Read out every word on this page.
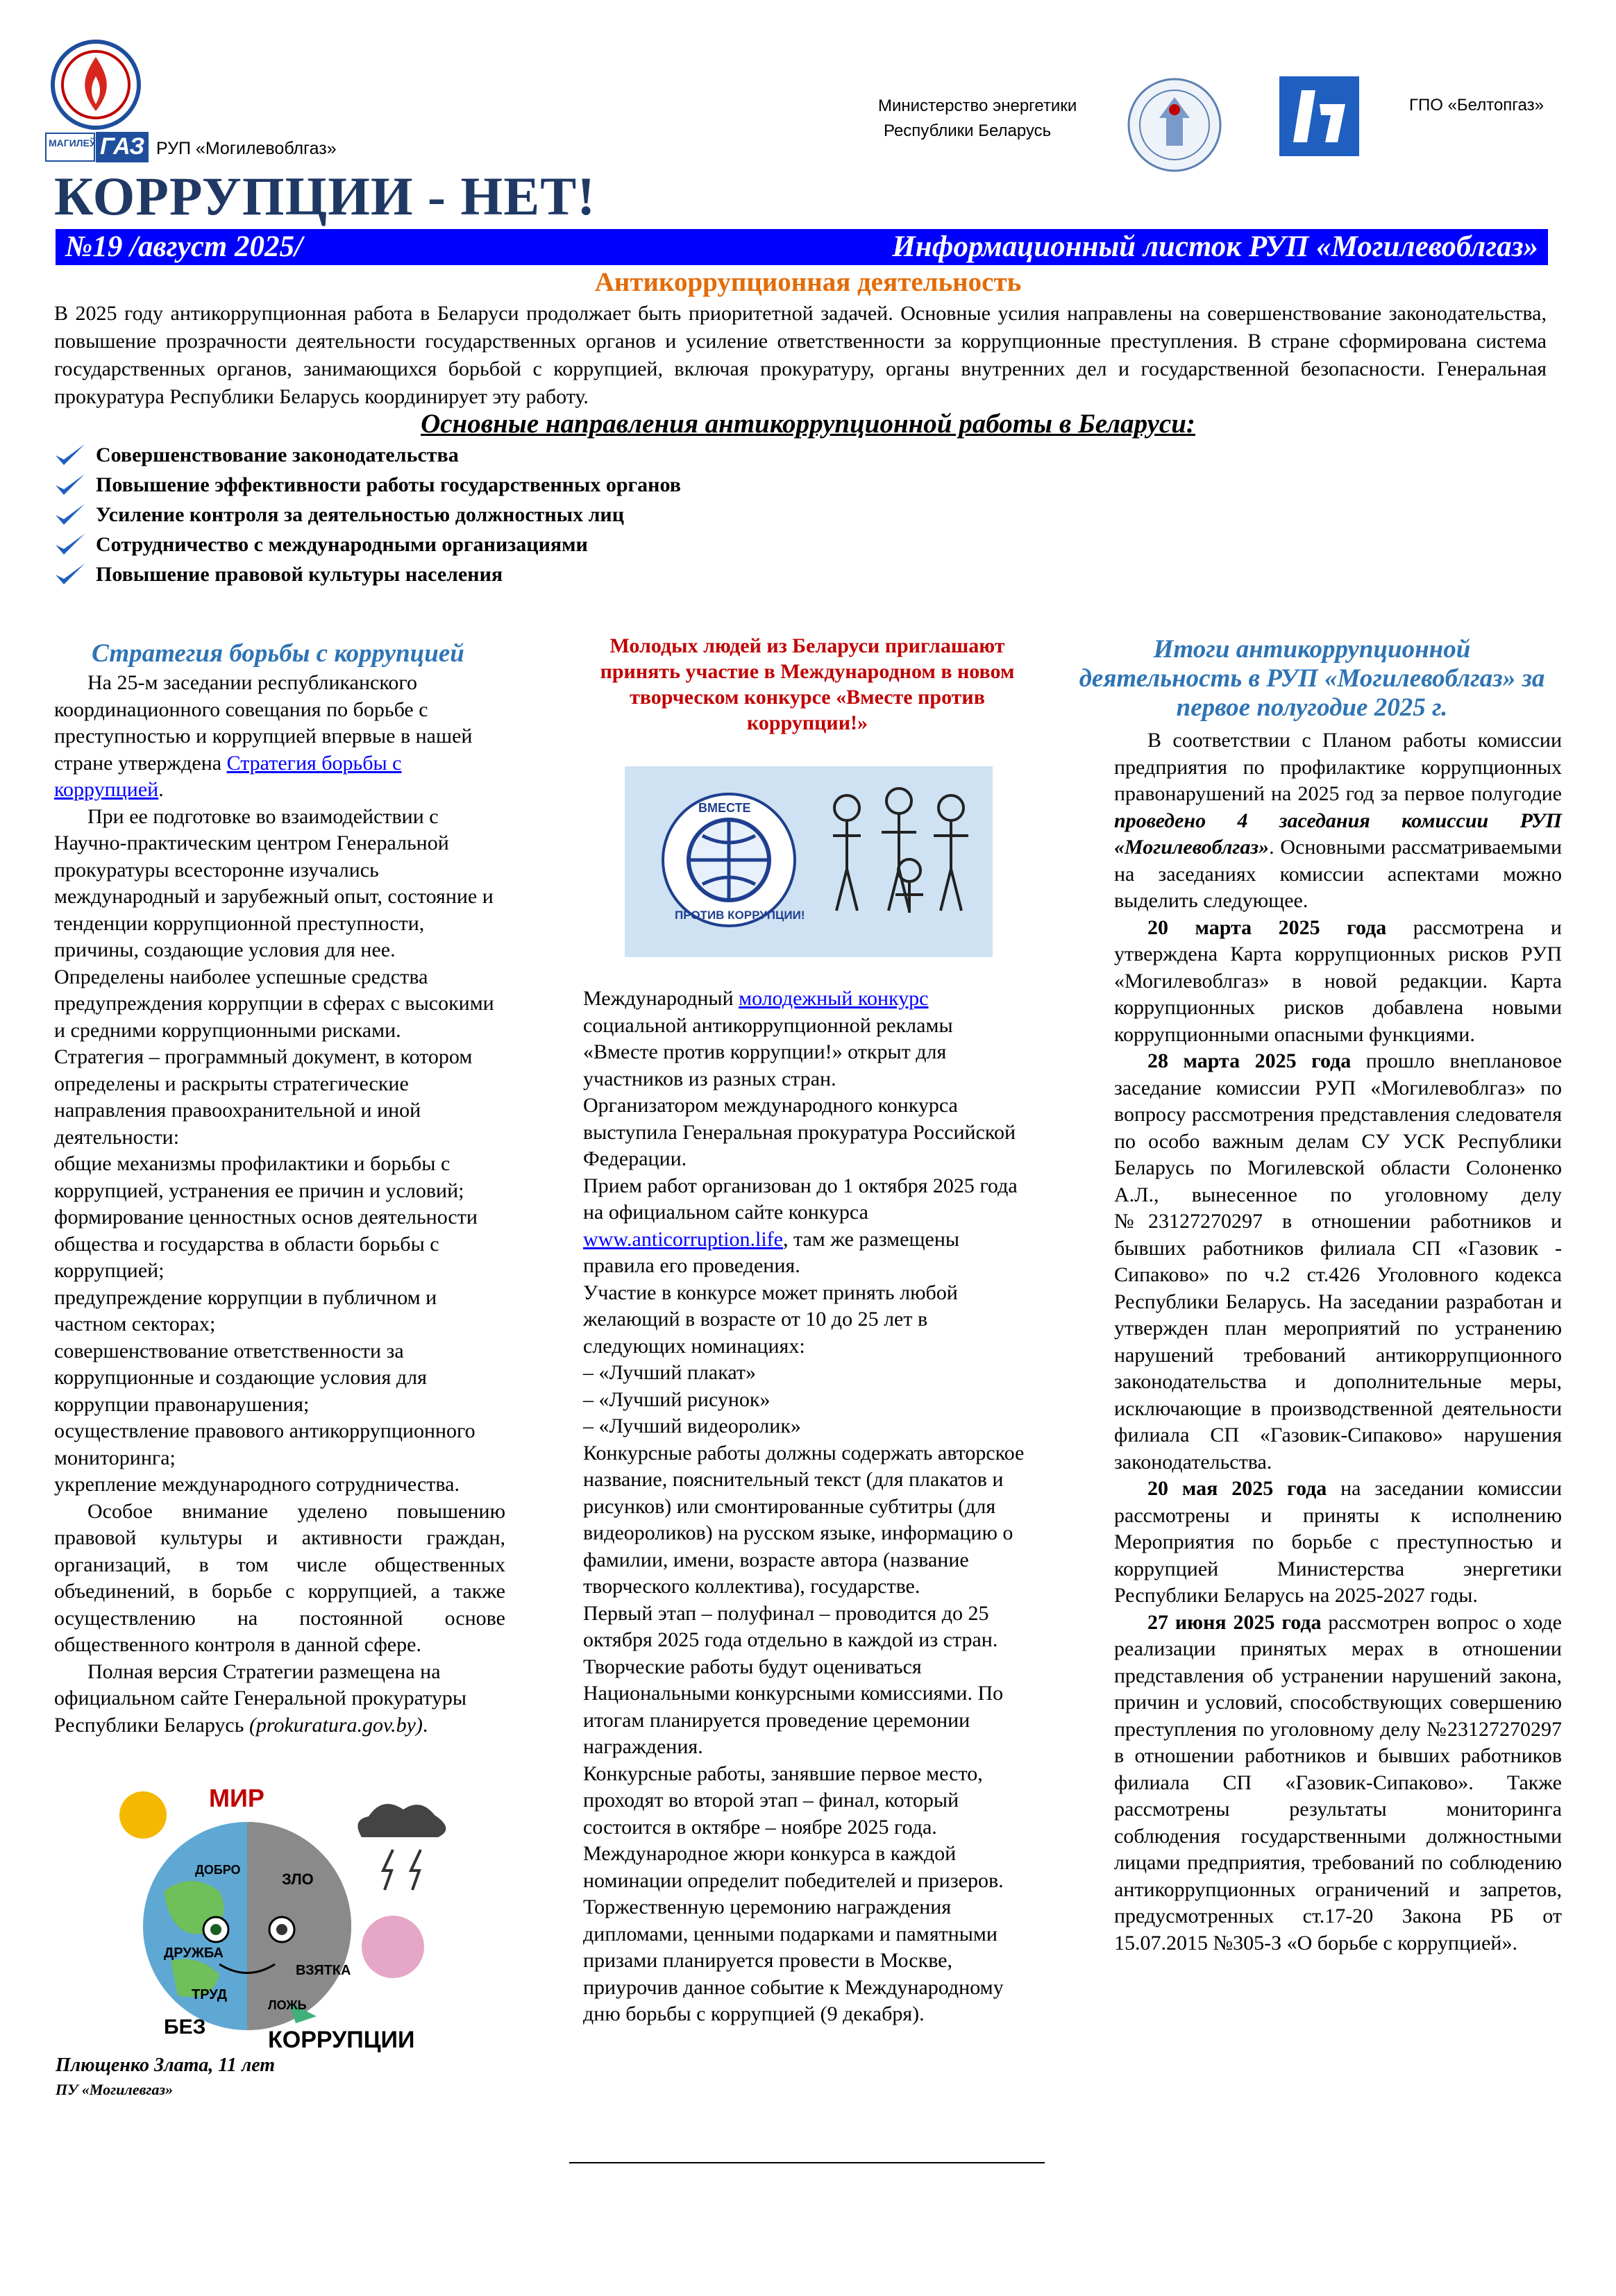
МАГИЛЕЎ АБЛ
ГАЗ РУП «Могилевоблгаз»
Министерство энергетики
Республики Беларусь
ГПО «Белтопгаз»
КОРРУПЦИИ - НЕТ!
№19 /август 2025/	Информационный листок РУП «Могилевоблгаз»
Антикоррупционная деятельность
В 2025 году антикоррупционная работа в Беларуси продолжает быть приоритетной задачей. Основные усилия направлены на совершенствование законодательства, повышение прозрачности деятельности государственных органов и усиление ответственности за коррупционные преступления. В стране сформирована система государственных органов, занимающихся борьбой с коррупцией, включая прокуратуру, органы внутренних дел и государственной безопасности. Генеральная прокуратура Республики Беларусь координирует эту работу.
Основные направления антикоррупционной работы в Беларуси:
Совершенствование законодательства
Повышение эффективности работы государственных органов
Усиление контроля за деятельностью должностных лиц
Сотрудничество с международными организациями
Повышение правовой культуры населения
Стратегия борьбы с коррупцией

На 25-м заседании республиканского координационного совещания по борьбе с преступностью и коррупцией впервые в нашей стране утверждена Стратегия борьбы с коррупцией.

При ее подготовке во взаимодействии с Научно-практическим центром Генеральной прокуратуры всесторонне изучались международный и зарубежный опыт, состояние и тенденции коррупционной преступности, причины, создающие условия для нее. Определены наиболее успешные средства предупреждения коррупции в сферах с высокими и средними коррупционными рисками.

Стратегия – программный документ, в котором определены и раскрыты стратегические направления правоохранительной и иной деятельности:

общие механизмы профилактики и борьбы с коррупцией, устранения ее причин и условий;

формирование ценностных основ деятельности общества и государства в области борьбы с коррупцией;

предупреждение коррупции в публичном и частном секторах;

совершенствование ответственности за коррупционные и создающие условия для коррупции правонарушения;

осуществление правового антикоррупционного мониторинга;

укрепление международного сотрудничества.

Особое внимание уделено повышению правовой культуры и активности граждан, организаций, в том числе общественных объединений, в борьбе с коррупцией, а также осуществлению на постоянной основе общественного контроля в данной сфере.

Полная версия Стратегии размещена на официальном сайте Генеральной прокуратуры Республики Беларусь (prokuratura.gov.by).

МИР
КОРРУПЦИИ
БЕЗ
ДОБРО
ДРУЖБА
ТРУД
ЗЛО
ВЗЯТКА
ЛОЖЬ
Плющенко Злата, 11 лет
ПУ «Могилевгаз»
Молодых людей из Беларуси приглашают принять участие в Международном в новом творческом конкурсе «Вместе против коррупции!»
ВМЕСТЕ
ПРОТИВ КОРРУПЦИИ!

Международный молодежный конкурс социальной антикоррупционной рекламы «Вместе против коррупции!» открыт для участников из разных стран.

Организатором международного конкурса выступила Генеральная прокуратура Российской Федерации.

Прием работ организован до 1 октября 2025 года на официальном сайте конкурса www.anticorruption.life, там же размещены правила его проведения.

Участие в конкурсе может принять любой желающий в возрасте от 10 до 25 лет в следующих номинациях:

– «Лучший плакат»

– «Лучший рисунок»

– «Лучший видеоролик»

Конкурсные работы должны содержать авторское название, пояснительный текст (для плакатов и рисунков) или смонтированные субтитры (для видеороликов) на русском языке, информацию о фамилии, имени, возрасте автора (название творческого коллектива), государстве.

Первый этап – полуфинал – проводится до 25 октября 2025 года отдельно в каждой из стран. Творческие работы будут оцениваться Национальными конкурсными комиссиями. По итогам планируется проведение церемонии награждения.

Конкурсные работы, занявшие первое место, проходят во второй этап – финал, который состоится в октябре – ноябре 2025 года. Международное жюри конкурса в каждой номинации определит победителей и призеров.

Торжественную церемонию награждения дипломами, ценными подарками и памятными призами планируется провести в Москве, приурочив данное событие к Международному дню борьбы с коррупцией (9 декабря).

Итоги антикоррупционной деятельность в РУП «Могилевоблгаз» за первое полугодие 2025 г.

В соответствии с Планом работы комиссии предприятия по профилактике коррупционных правонарушений на 2025 год за первое полугодие проведено 4 заседания комиссии РУП «Могилевоблгаз». Основными рассматриваемыми на заседаниях комиссии аспектами можно выделить следующее.

20 марта 2025 года рассмотрена и утверждена Карта коррупционных рисков РУП «Могилевоблгаз» в новой редакции. Карта коррупционных рисков добавлена новыми коррупционными опасными функциями.

28 марта 2025 года прошло внеплановое заседание комиссии РУП «Могилевоблгаз» по вопросу рассмотрения представления следователя по особо важным делам СУ УСК Республики Беларусь по Могилевской области Солоненко А.Л., вынесенное по уголовному делу №23127270297 в отношении работников и бывших работников филиала СП «Газовик - Сипаково» по ч.2 ст.426 Уголовного кодекса Республики Беларусь. На заседании разработан и утвержден план мероприятий по устранению нарушений требований антикоррупционного законодательства и дополнительные меры, исключающие в производственной деятельности филиала СП «Газовик-Сипаково» нарушения законодательства.

20 мая 2025 года на заседании комиссии рассмотрены и приняты к исполнению Мероприятия по борьбе с преступностью и коррупцией Министерства энергетики Республики Беларусь на 2025-2027 годы.

27 июня 2025 года рассмотрен вопрос о ходе реализации принятых мерах в отношении представления об устранении нарушений закона, причин и условий, способствующих совершению преступления по уголовному делу №23127270297 в отношении работников и бывших работников филиала СП «Газовик-Сипаково». Также рассмотрены результаты мониторинга соблюдения государственными должностными лицами предприятия, требований по соблюдению антикоррупционных ограничений и запретов, предусмотренных ст.17-20 Закона РБ от 15.07.2015 №305-З «О борьбе с коррупцией».
